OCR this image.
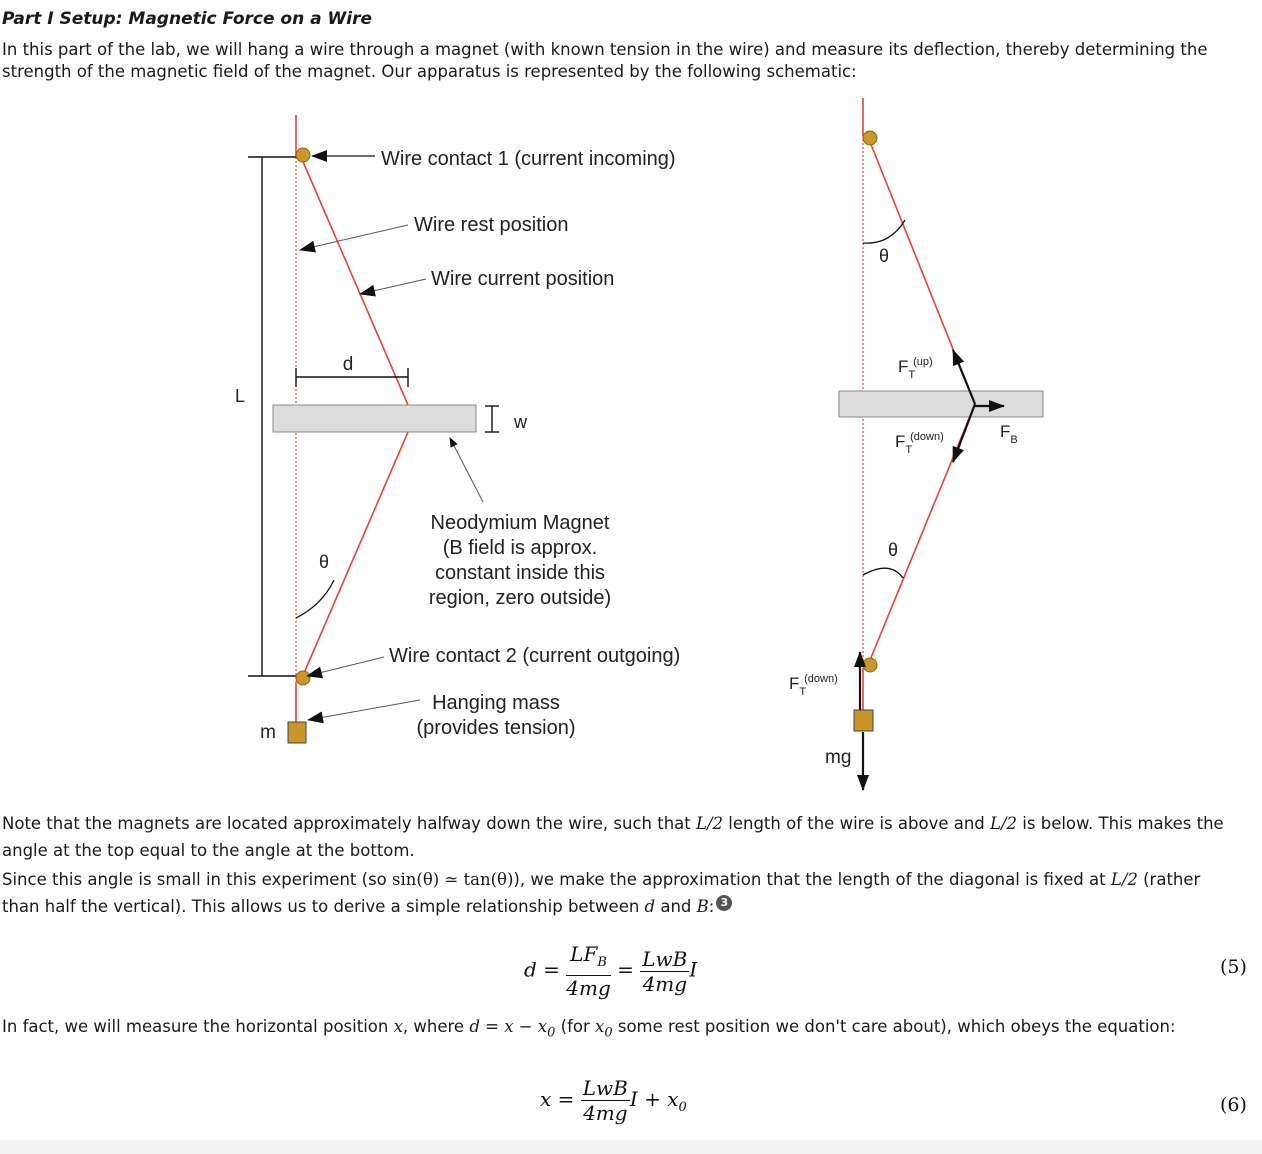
Part I Setup: Magnetic Force on a Wire

In this part of the lab, we will hang a wire through a magnet (with known tension in the wire) and measure its deflection, thereby determining the strength of the magnetic field of the magnet. Our apparatus is represented by the following schematic:

L
d
w
m
θ
Wire contact 1 (current incoming)
Wire rest position
Wire current position
Neodymium Magnet
(B field is approx.
constant inside this
region, zero outside)
Wire contact 2 (current outgoing)
Hanging mass
(provides tension)
θ
θ
$F_T(up)$
$F_T(down)$	$F_B$
$F_T(down)$
mg

Note that the magnets are located approximately halfway down the wire, such that L/2 length of the wire is above and L/2 is below. This makes the angle at the top equal to the angle at the bottom.

Since this angle is small in this experiment (so sin(θ) ≃ tan(θ)), we make the approximation that the length of the diagonal is fixed at L/2 (rather than half the vertical). This allows us to derive a simple relationship between d and B: 3

$d = \frac{LF_B}{4mg} = \frac{\text{LwB}}{4mg}$ I	(5)

In fact, we will measure the horizontal position x, where $d = x - x_0$ (for $x_0$ some rest position we don't care about), which obeys the equation:

$x = \frac{\text{LwB}}{4mg}$ $I + x_0$	(6)
